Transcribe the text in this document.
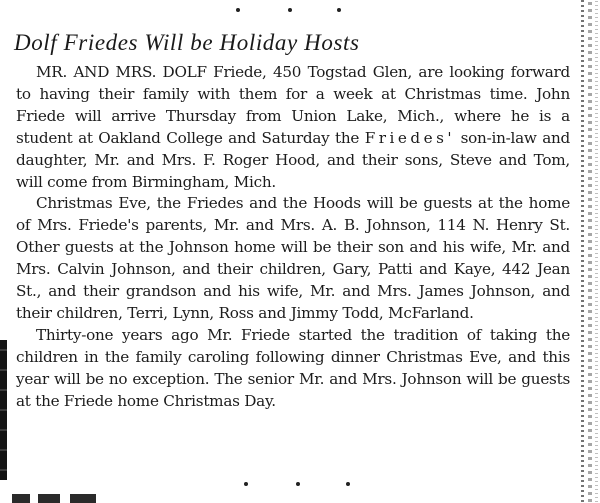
Dolf Friedes Will be Holiday Hosts

MR. AND MRS. DOLF Friede, 450 Togstad Glen, are looking forward to having their family with them for a week at Christmas time. John Friede will arrive Thursday from Union Lake, Mich., where he is a student at Oakland College and Saturday the Friedes' son-in-law and daughter, Mr. and Mrs. F. Roger Hood, and their sons, Steve and Tom, will come from Birmingham, Mich.

Christmas Eve, the Friedes and the Hoods will be guests at the home of Mrs. Friede's parents, Mr. and Mrs. A. B. Johnson, 114 N. Henry St. Other guests at the Johnson home will be their son and his wife, Mr. and Mrs. Calvin Johnson, and their children, Gary, Patti and Kaye, 442 Jean St., and their grandson and his wife, Mr. and Mrs. James Johnson, and their children, Terri, Lynn, Ross and Jimmy Todd, McFarland.

Thirty-one years ago Mr. Friede started the tradition of taking the children in the family caroling following dinner Christmas Eve, and this year will be no exception. The senior Mr. and Mrs. Johnson will be guests at the Friede home Christmas Day.
